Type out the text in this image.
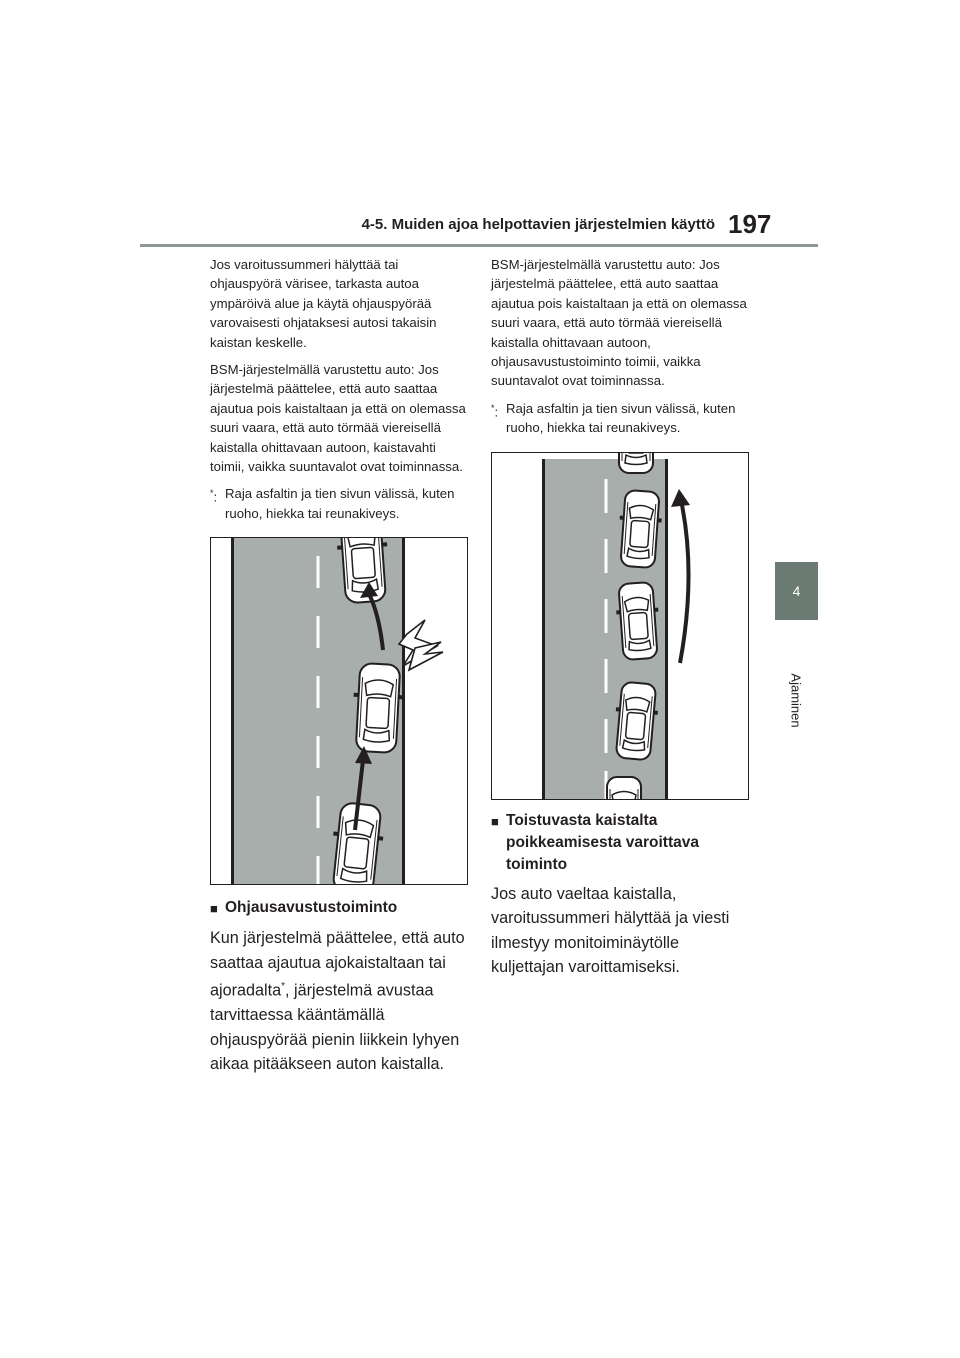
4-5. Muiden ajoa helpottavien järjestelmien käyttö 197
4
Ajaminen

Jos varoitussummeri hälyttää tai ohjauspyörä värisee, tarkasta autoa ympäröivä alue ja käytä ohjauspyörää varovaisesti ohjataksesi autosi takaisin kaistan keskelle.

BSM-järjestelmällä varustettu auto: Jos järjestelmä päättelee, että auto saattaa ajautua pois kaistaltaan ja että on olemassa suuri vaara, että auto törmää viereisellä kaistalla ohittavaan autoon, kaistavahti toimii, vaikka suuntavalot ovat toiminnassa.

*: Raja asfaltin ja tien sivun välissä, kuten ruoho, hiekka tai reunakiveys.
■ Ohjausavustustoiminto

Kun järjestelmä päättelee, että auto saattaa ajautua ajokaistaltaan tai ajoradalta*, järjestelmä avustaa tarvittaessa kääntämällä ohjauspyörää pienin liikkein lyhyen aikaa pitääkseen auton kaistalla.

BSM-järjestelmällä varustettu auto: Jos järjestelmä päättelee, että auto saattaa ajautua pois kaistaltaan ja että on olemassa suuri vaara, että auto törmää viereisellä kaistalla ohittavaan autoon, ohjausavustustoiminto toimii, vaikka suuntavalot ovat toiminnassa.

*: Raja asfaltin ja tien sivun välissä, kuten ruoho, hiekka tai reunakiveys.
■ Toistuvasta kaistalta poikkeamisesta varoittava toiminto

Jos auto vaeltaa kaistalla, varoitussummeri hälyttää ja viesti ilmestyy monitoiminäytölle kuljettajan varoittamiseksi.
